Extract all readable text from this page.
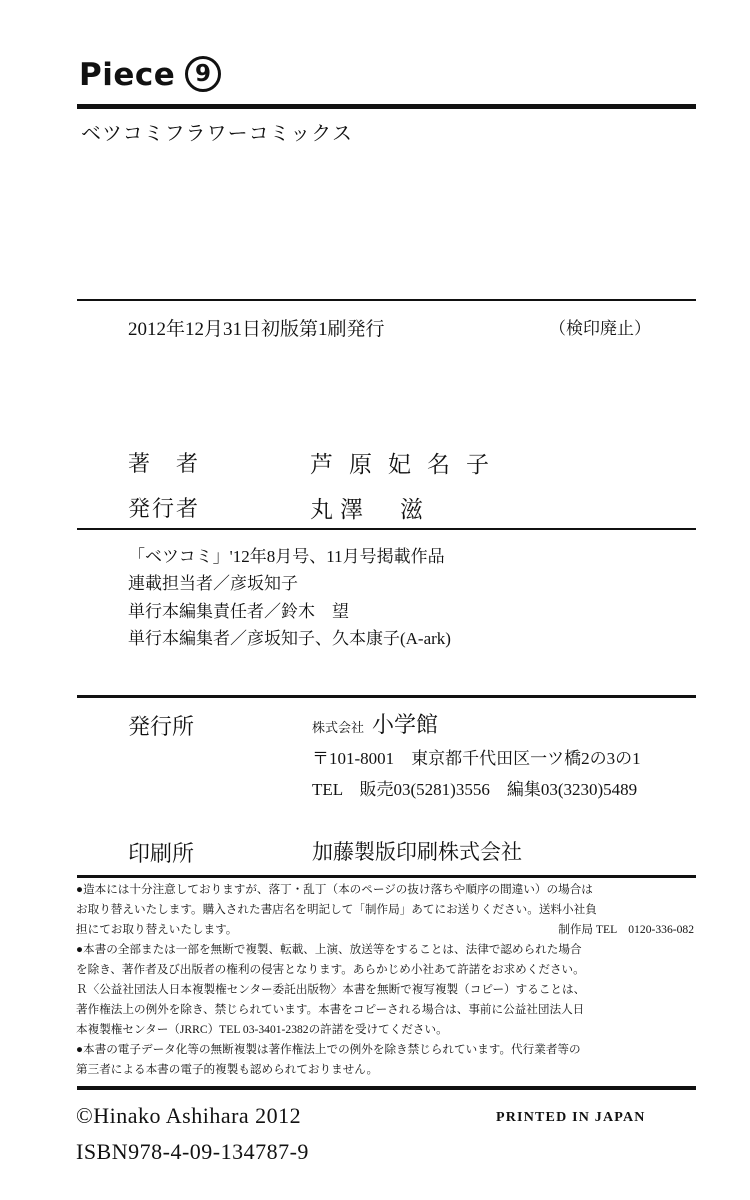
Piece 9
ベツコミフラワーコミックス
2012年12月31日初版第1刷発行	（検印廃止）
著　者	芦原妃名子
発行者	丸澤　滋
「ベツコミ」'12年8月号、11月号掲載作品
連載担当者／彦坂知子
単行本編集責任者／鈴木　望
単行本編集者／彦坂知子、久本康子(A-ark)
発行所	株式会社 小学館
〒101-8001　東京都千代田区一ツ橋2の3の1
TEL　販売03(5281)3556　編集03(3230)5489
印刷所	加藤製版印刷株式会社
●造本には十分注意しておりますが、落丁・乱丁（本のページの抜け落ちや順序の間違い）の場合は
お取り替えいたします。購入された書店名を明記して「制作局」あてにお送りください。送料小社負
担にてお取り替えいたします。	制作局 TEL　0120-336-082
●本書の全部または一部を無断で複製、転載、上演、放送等をすることは、法律で認められた場合
を除き、著作者及び出版者の権利の侵害となります。あらかじめ小社あて許諾をお求めください。
Ｒ〈公益社団法人日本複製権センター委託出版物〉本書を無断で複写複製（コピー）することは、
著作権法上の例外を除き、禁じられています。本書をコピーされる場合は、事前に公益社団法人日
本複製権センター（JRRC）TEL 03-3401-2382の許諾を受けてください。
●本書の電子データ化等の無断複製は著作権法上での例外を除き禁じられています。代行業者等の
第三者による本書の電子的複製も認められておりません。
©Hinako Ashihara 2012	PRINTED IN JAPAN
ISBN978-4-09-134787-9
